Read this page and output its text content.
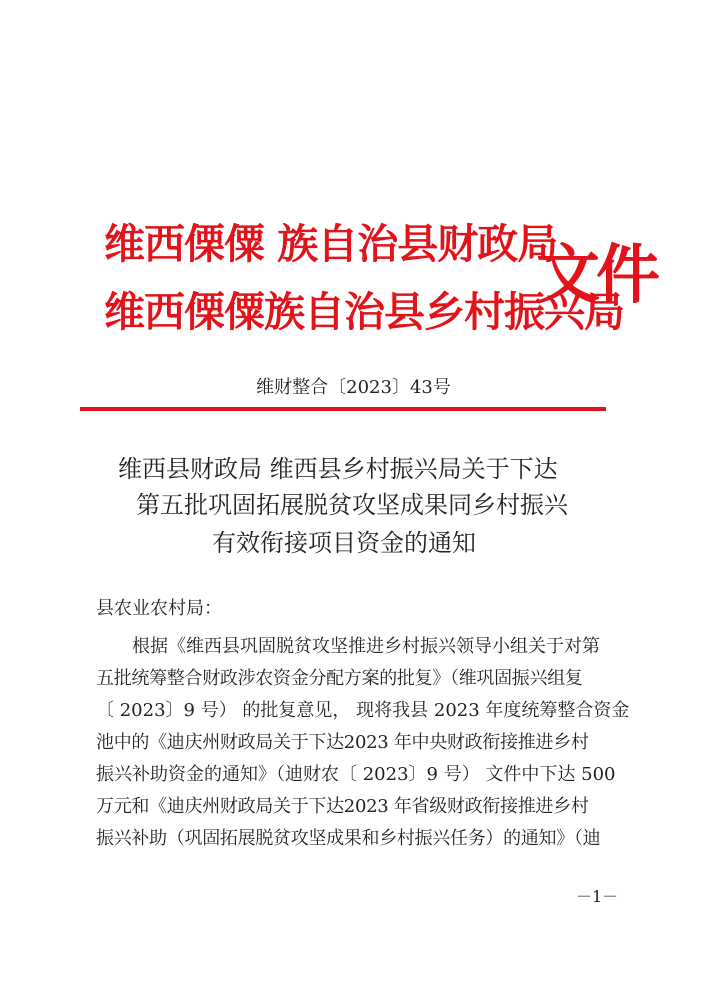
维西傈僳 族自治县财政局
维西傈僳族自治县乡村振兴局
文件
维财整合〔2023〕43号
维西县财政局 维西县乡村振兴局关于下达
第五批巩固拓展脱贫攻坚成果同乡村振兴
有效衔接项目资金的通知
县农业农村局：
根据《维西县巩固脱贫攻坚推进乡村振兴领导小组关于对第
五批统筹整合财政涉农资金分配方案的批复》（维巩固振兴组复
〔 2023〕9 号） 的批复意见， 现将我县 2023 年度统筹整合资金
池中的《迪庆州财政局关于下达2023 年中央财政衔接推进乡村
振兴补助资金的通知》（迪财农〔 2023〕9 号） 文件中下达 500
万元和《迪庆州财政局关于下达2023 年省级财政衔接推进乡村
振兴补助（巩固拓展脱贫攻坚成果和乡村振兴任务）的通知》（迪
－1－
